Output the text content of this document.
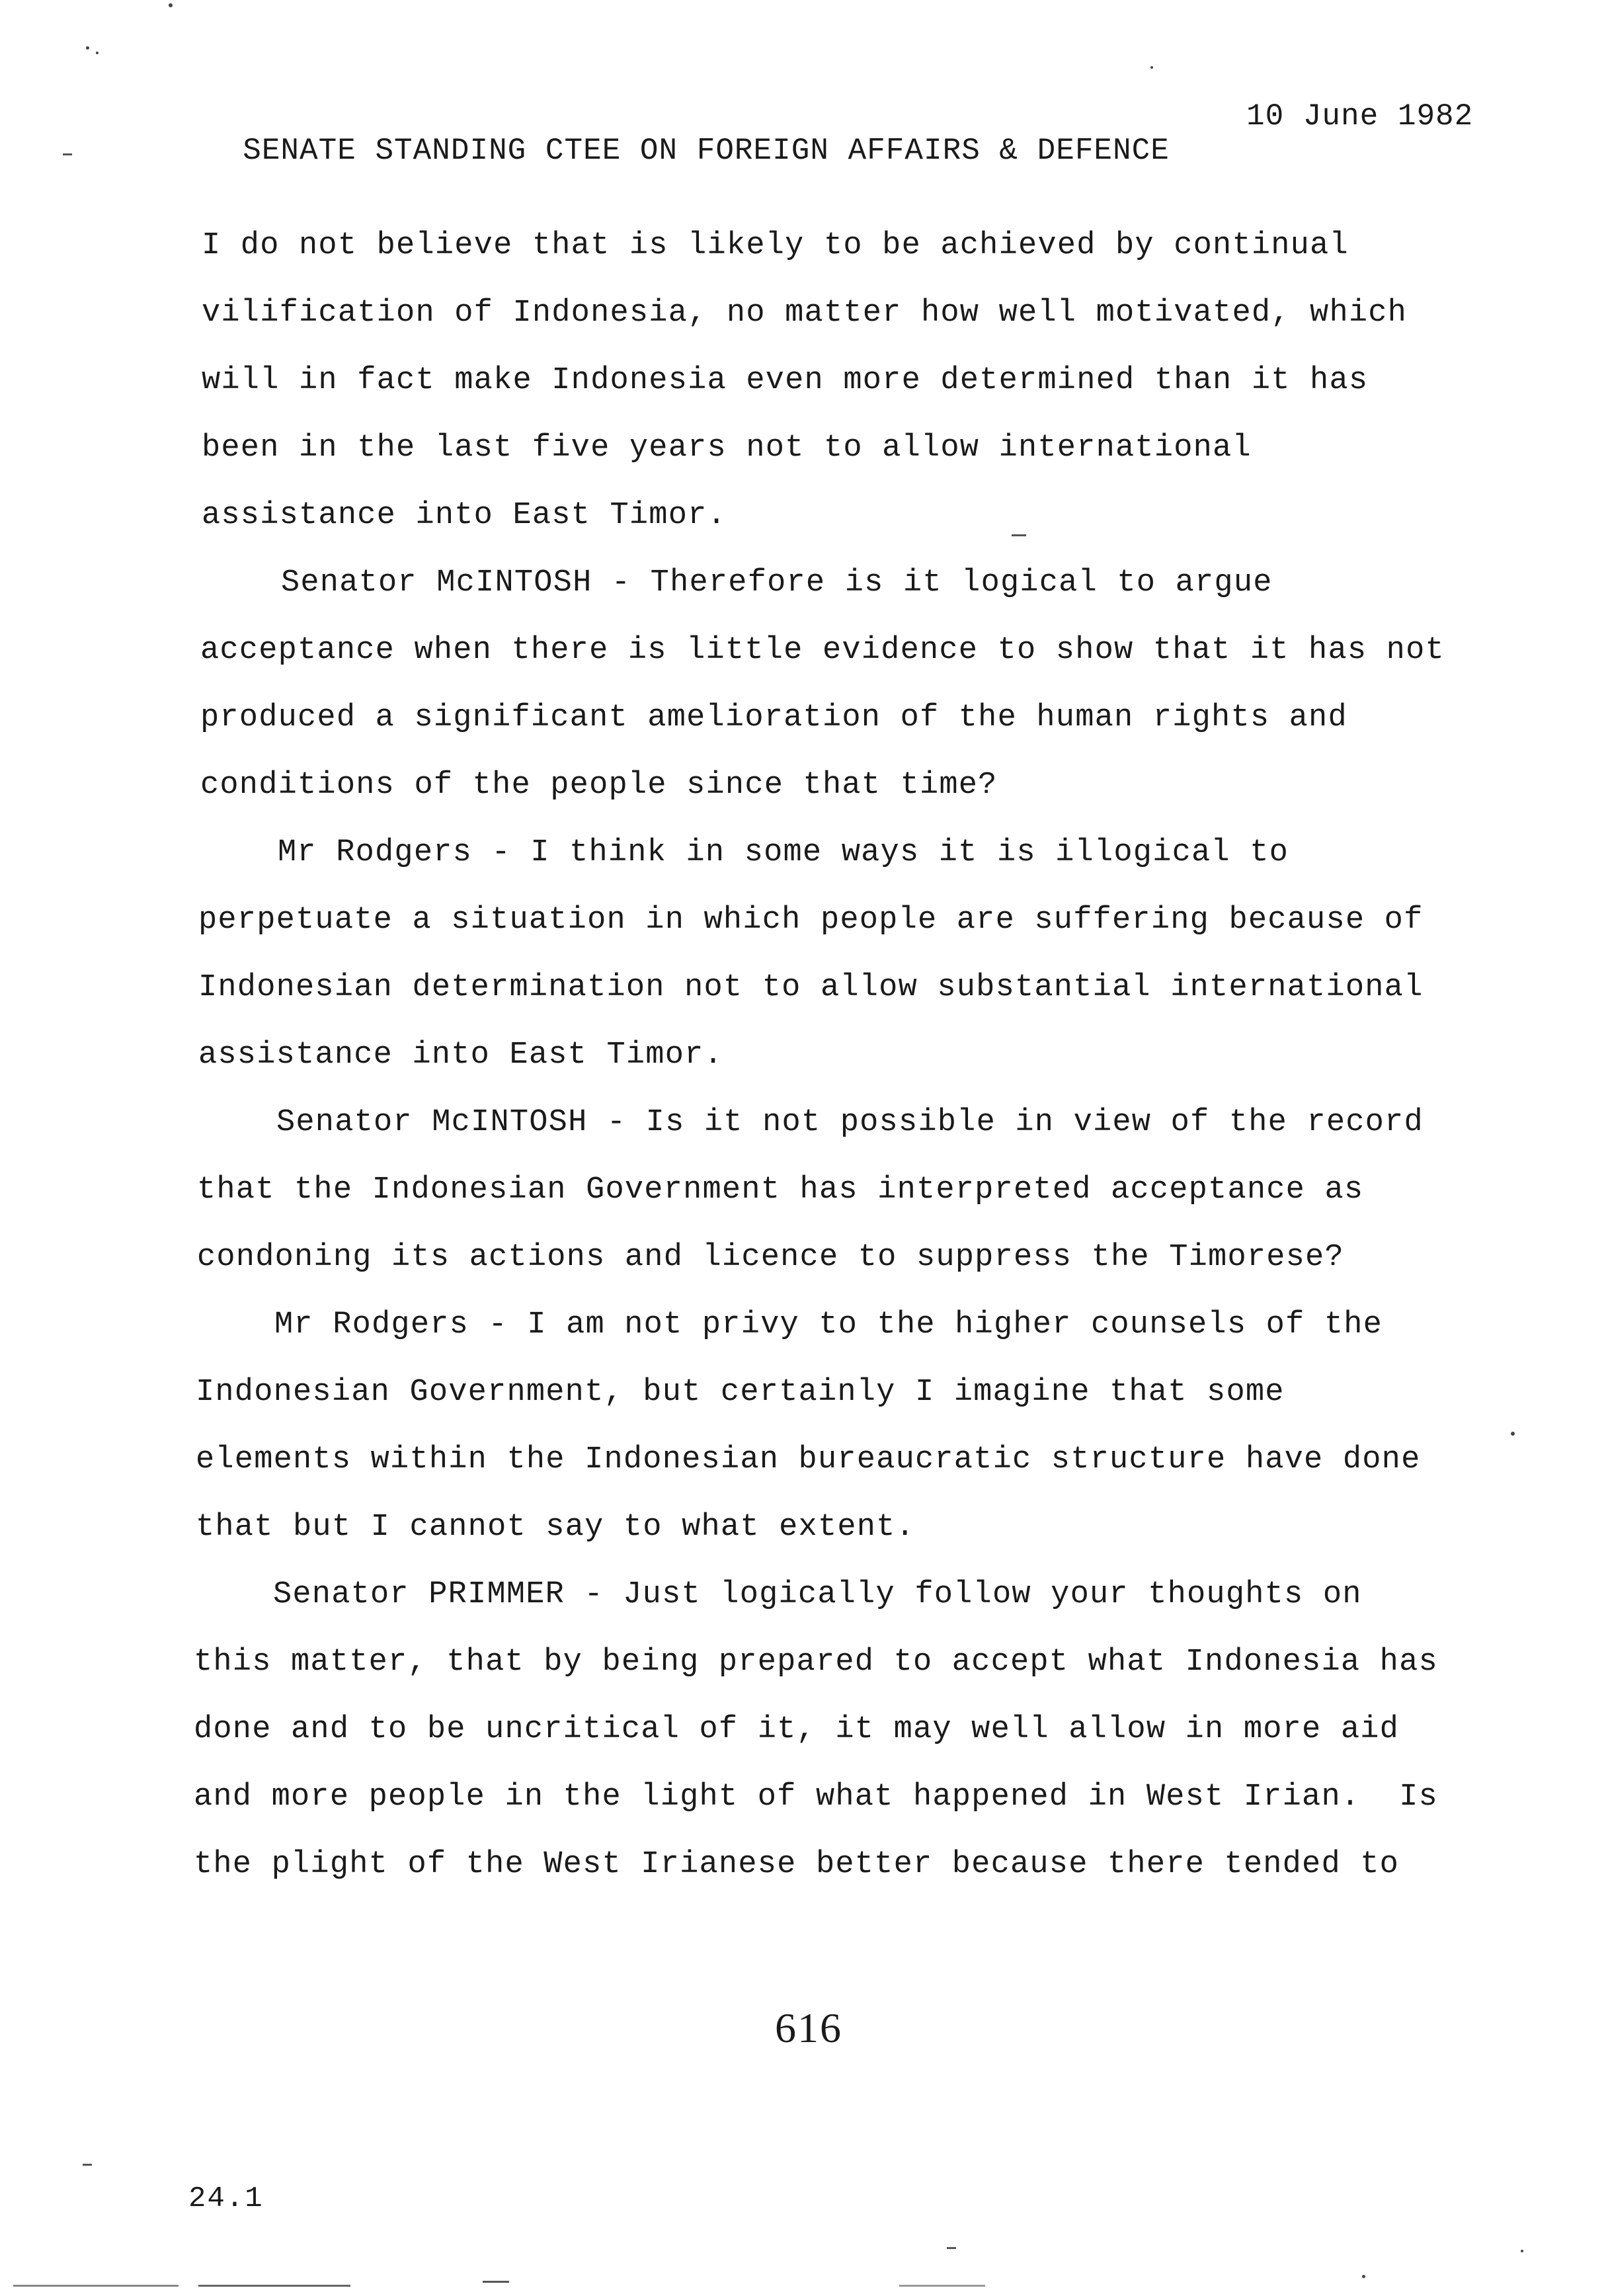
SENATE STANDING CTEE ON FOREIGN AFFAIRS & DEFENCE

10 June 1982

I do not believe that is likely to be achieved by continual
vilification of Indonesia, no matter how well motivated, which
will in fact make Indonesia even more determined than it has
been in the last five years not to allow international
assistance into East Timor.
Senator McINTOSH - Therefore is it logical to argue
acceptance when there is little evidence to show that it has not
produced a significant amelioration of the human rights and
conditions of the people since that time?
Mr Rodgers - I think in some ways it is illogical to
perpetuate a situation in which people are suffering because of
Indonesian determination not to allow substantial international
assistance into East Timor.
Senator McINTOSH - Is it not possible in view of the record
that the Indonesian Government has interpreted acceptance as
condoning its actions and licence to suppress the Timorese?
Mr Rodgers - I am not privy to the higher counsels of the
Indonesian Government, but certainly I imagine that some
elements within the Indonesian bureaucratic structure have done
that but I cannot say to what extent.
Senator PRIMMER - Just logically follow your thoughts on
this matter, that by being prepared to accept what Indonesia has
done and to be uncritical of it, it may well allow in more aid
and more people in the light of what happened in West Irian.  Is
the plight of the West Irianese better because there tended to
616
24.1
